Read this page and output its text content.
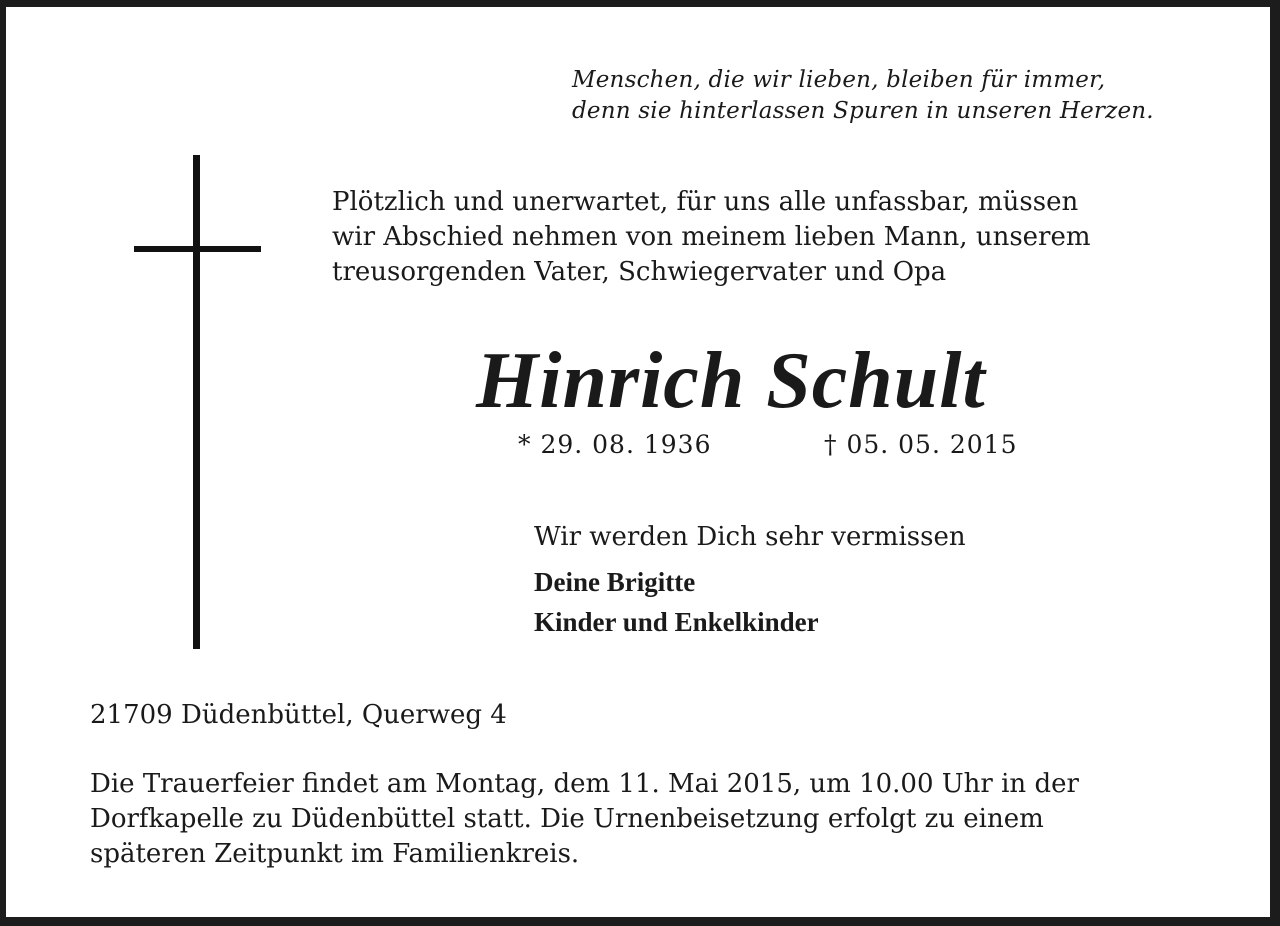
Menschen, die wir lieben, bleiben für immer,
denn sie hinterlassen Spuren in unseren Herzen.

Plötzlich und unerwartet, für uns alle unfassbar, müssen
wir Abschied nehmen von meinem lieben Mann, unserem
treusorgenden Vater, Schwiegervater und Opa

Hinrich Schult
* 29. 08. 1936	† 05. 05. 2015
Wir werden Dich sehr vermissen
Deine Brigitte
Kinder und Enkelkinder
21709 Düdenbüttel, Querweg 4

Die Trauerfeier findet am Montag, dem 11. Mai 2015, um 10.00 Uhr in der
Dorfkapelle zu Düdenbüttel statt. Die Urnenbeisetzung erfolgt zu einem
späteren Zeitpunkt im Familienkreis.
